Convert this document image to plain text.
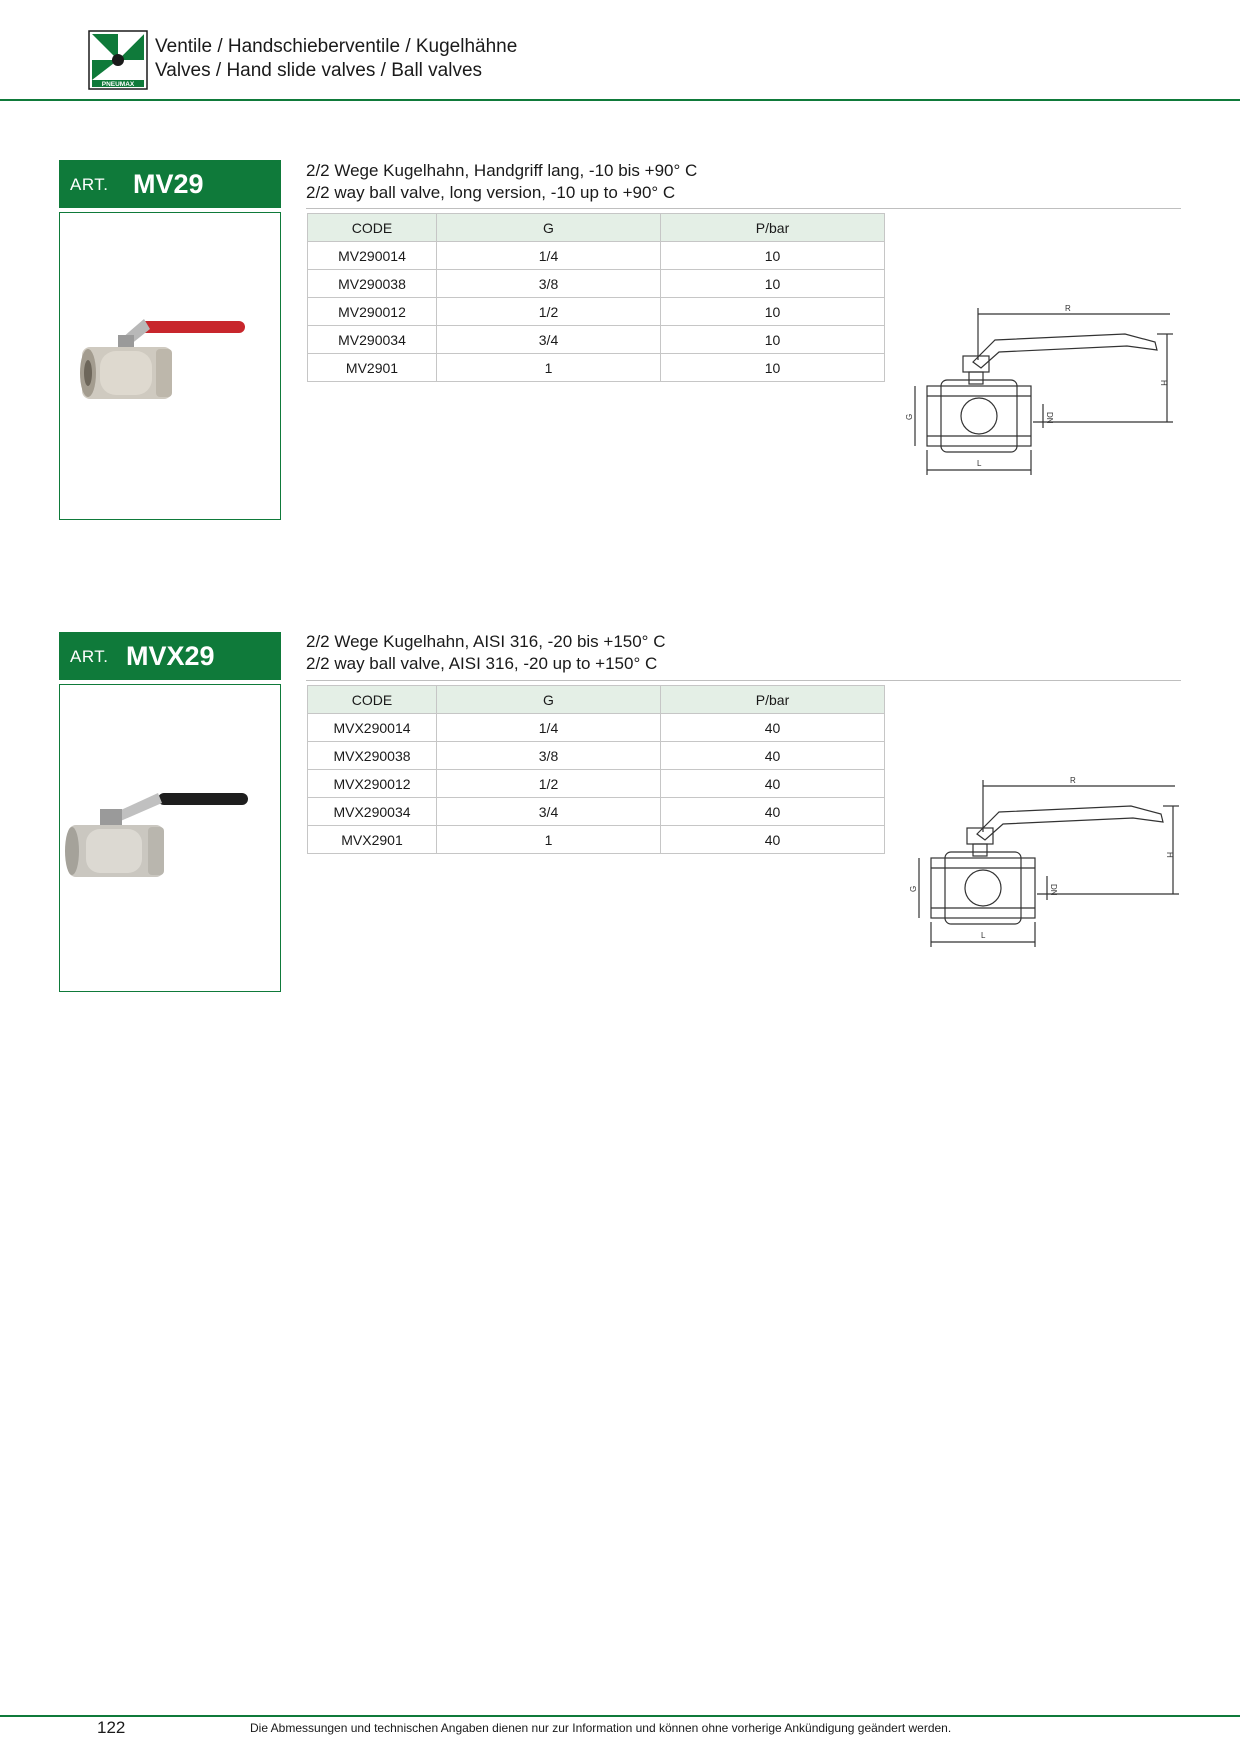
PNEUMAX
Ventile / Handschieberventile / Kugelhähne
Valves / Hand slide valves / Ball valves
ART. MV29	2/2 Wege Kugelhahn, Handgriff lang, -10 bis +90° C
2/2 way ball valve, long version, -10 up to +90° C
CODE	G	P/bar
MV290014	1/4	10
MV290038	3/8	10
MV290012	1/2	10
MV290034	3/4	10
MV2901	1	10
R
H
G	DN
L
ART. MVX29	2/2 Wege Kugelhahn, AISI 316, -20 bis +150° C
2/2 way ball valve, AISI 316, -20 up to +150° C
CODE	G	P/bar
MVX290014	1/4	40
MVX290038	3/8	40
MVX290012	1/2	40
MVX290034	3/4	40
MVX2901	1	40
R
H
G	DN
L
122	Die Abmessungen und technischen Angaben dienen nur zur Information und können ohne vorherige Ankündigung geändert werden.
